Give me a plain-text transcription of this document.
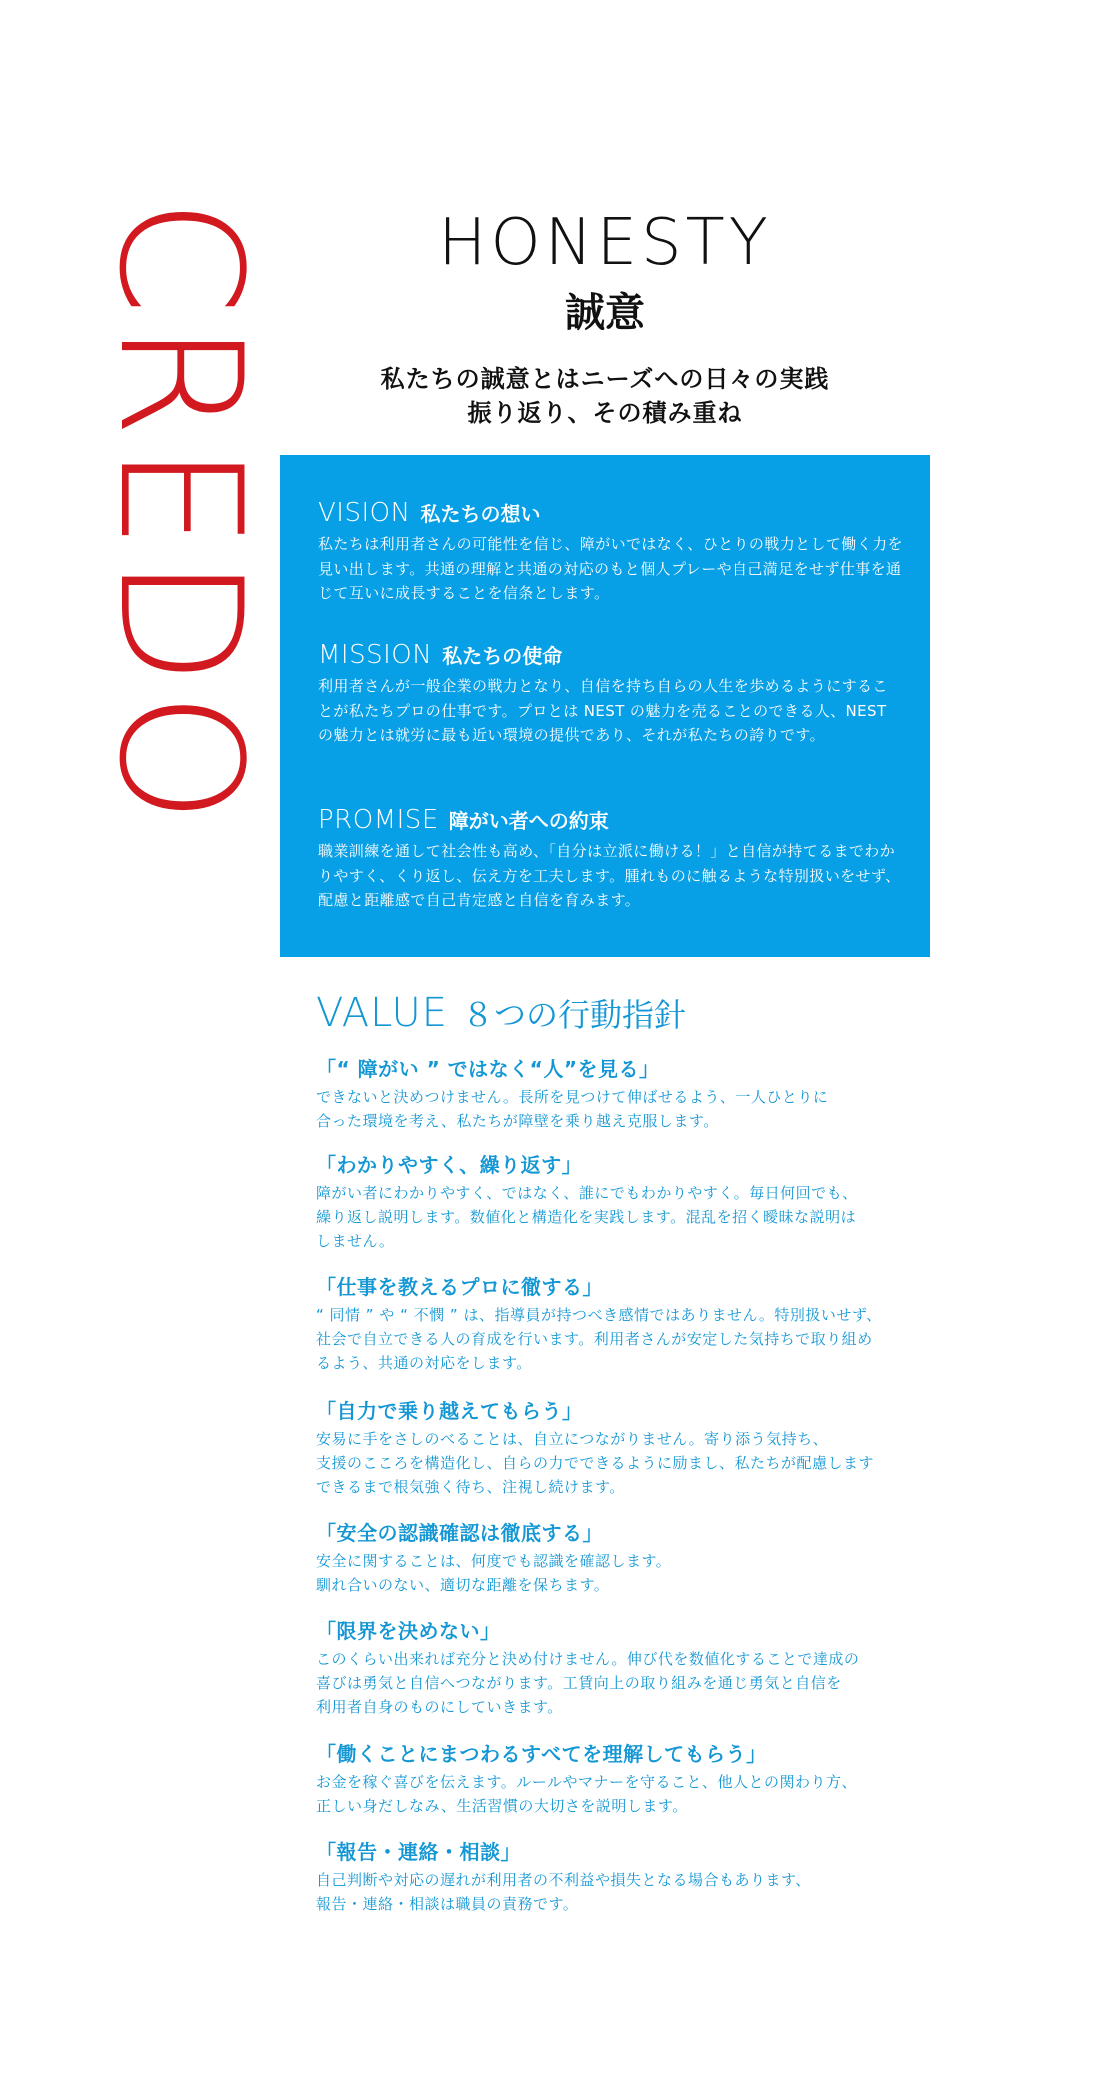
CREDO	HONESTY
誠意
私たちの誠意とはニーズへの日々の実践
振り返り、その積み重ね
VISION 私たちの想い
私たちは利用者さんの可能性を信じ、障がいではなく、ひとりの戦力として働く力を見い出します。共通の理解と共通の対応のもと個人プレーや自己満足をせず仕事を通じて互いに成長することを信条とします。
MISSION 私たちの使命
利用者さんが一般企業の戦力となり、自信を持ち自らの人生を歩めるようにすることが私たちプロの仕事です。プロとは NEST の魅力を売ることのできる人、NEST の魅力とは就労に最も近い環境の提供であり、それが私たちの誇りです。
PROMISE 障がい者への約束
職業訓練を通して社会性も高め、「自分は立派に働ける！」と自信が持てるまでわかりやすく、くり返し、伝え方を工夫します。腫れものに触るような特別扱いをせず、配慮と距離感で自己肯定感と自信を育みます。
VALUE ８つの行動指針
「“ 障がい ” ではなく“人”を見る」
できないと決めつけません。長所を見つけて伸ばせるよう、一人ひとりに
合った環境を考え、私たちが障壁を乗り越え克服します。
「わかりやすく、繰り返す」
障がい者にわかりやすく、ではなく、誰にでもわかりやすく。毎日何回でも、
繰り返し説明します。数値化と構造化を実践します。混乱を招く曖昧な説明は
しません。
「仕事を教えるプロに徹する」
“ 同情 ” や “ 不憫 ” は、指導員が持つべき感情ではありません。特別扱いせず、
社会で自立できる人の育成を行います。利用者さんが安定した気持ちで取り組め
るよう、共通の対応をします。
「自力で乗り越えてもらう」
安易に手をさしのべることは、自立につながりません。寄り添う気持ち、
支援のこころを構造化し、自らの力でできるように励まし、私たちが配慮します
できるまで根気強く待ち、注視し続けます。
「安全の認識確認は徹底する」
安全に関することは、何度でも認識を確認します。
馴れ合いのない、適切な距離を保ちます。
「限界を決めない」
このくらい出来れば充分と決め付けません。伸び代を数値化することで達成の
喜びは勇気と自信へつながります。工賃向上の取り組みを通じ勇気と自信を
利用者自身のものにしていきます。
「働くことにまつわるすべてを理解してもらう」
お金を稼ぐ喜びを伝えます。ルールやマナーを守ること、他人との関わり方、
正しい身だしなみ、生活習慣の大切さを説明します。
「報告・連絡・相談」
自己判断や対応の遅れが利用者の不利益や損失となる場合もあります、
報告・連絡・相談は職員の責務です。
